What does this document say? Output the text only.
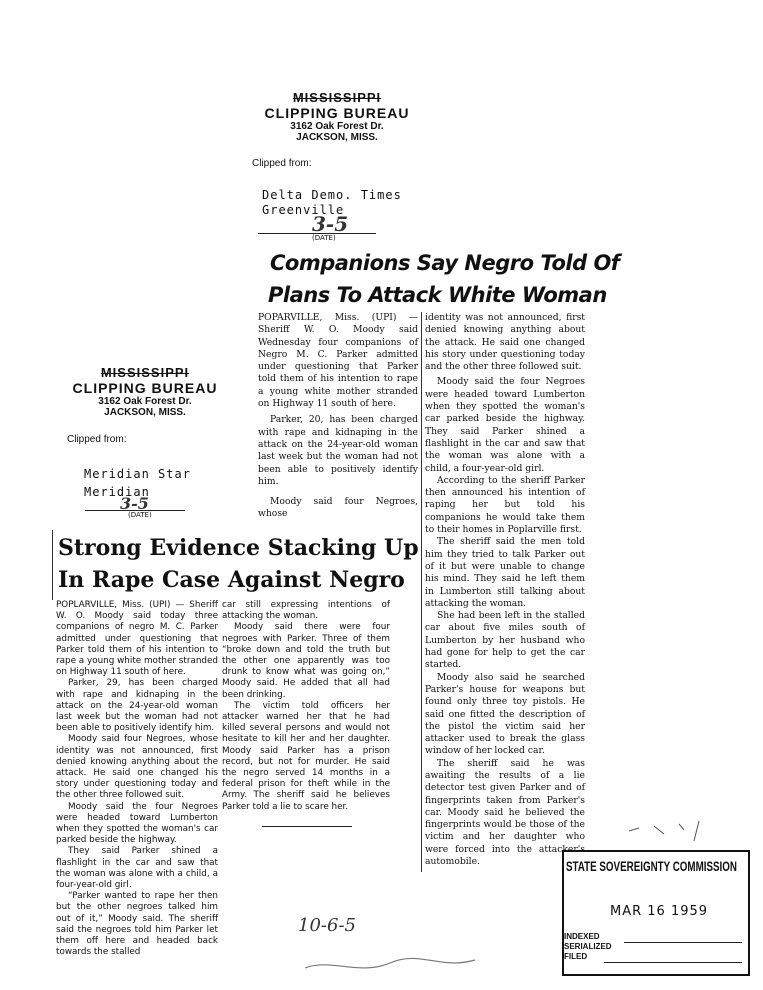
MISSISSIPPI
CLIPPING BUREAU
3162 Oak Forest Dr.
JACKSON, MISS.
Clipped from:
Delta Demo. Times
Greenville
3-5
(DATE)
Companions Say Negro Told Of
Plans To Attack White Woman

POPARVILLE, Miss. (UPI) — Sheriff W. O. Moody said Wednesday four companions of Negro M. C. Parker admitted under questioning that Parker told them of his intention to rape a young white mother stranded on Highway 11 south of here.

Parker, 20, has been charged with rape and kidnaping in the attack on the 24-year-old woman last week but the woman had not been able to positively identify him.

Moody said four Negroes, whose

identity was not announced, first denied knowing anything about the attack. He said one changed his story under questioning today and the other three followed suit.

Moody said the four Negroes were headed toward Lumberton when they spotted the woman's car parked beside the highway. They said Parker shined a flashlight in the car and saw that the woman was alone with a child, a four-year-old girl.

According to the sheriff Parker then announced his intention of raping her but told his companions he would take them to their homes in Poplarville first.

The sheriff said the men told him they tried to talk Parker out of it but were unable to change his mind. They said he left them in Lumberton still talking about attacking the woman.

She had been left in the stalled car about five miles south of Lumberton by her husband who had gone for help to get the car started.

Moody also said he searched Parker's house for weapons but found only three toy pistols. He said one fitted the description of the pistol the victim said her attacker used to break the glass window of her locked car.

The sheriff said he was awaiting the results of a lie detector test given Parker and of fingerprints taken from Parker's car. Moody said he believed the fingerprints would be those of the victim and her daughter who were forced into the attacker's automobile.

MISSISSIPPI
CLIPPING BUREAU
3162 Oak Forest Dr.
JACKSON, MISS.
Clipped from:
Meridian Star
Meridian
3-5
(DATE)
Strong Evidence Stacking Up
In Rape Case Against Negro

POPLARVILLE, Miss. (UPI) — Sheriff W. O. Moody said today three companions of negro M. C. Parker admitted under questioning that Parker told them of his intention to rape a young white mother stranded on Highway 11 south of here.

Parker, 29, has been charged with rape and kidnaping in the attack on the 24-year-old woman last week but the woman had not been able to positively identify him.

Moody said four Negroes, whose identity was not announced, first denied knowing anything about the attack. He said one changed his story under questioning today and the other three followed suit.

Moody said the four Negroes were headed toward Lumberton when they spotted the woman's car parked beside the highway.

They said Parker shined a flashlight in the car and saw that the woman was alone with a child, a four-year-old girl.

“Parker wanted to rape her then but the other negroes talked him out of it,” Moody said. The sheriff said the negroes told him Parker let them off here and headed back towards the stalled

car still expressing intentions of attacking the woman.

Moody said there were four negroes with Parker. Three of them “broke down and told the truth but the other one apparently was too drunk to know what was going on,” Moody said. He added that all had been drinking.

The victim told officers her attacker warned her that he had killed several persons and would not hesitate to kill her and her daughter. Moody said Parker has a prison record, but not for murder. He said the negro served 14 months in a federal prison for theft while in the Army. The sheriff said he believes Parker told a lie to scare her.

STATE SOVEREIGNTY COMMISSION
MAR 16 1959
INDEXED
SERIALIZED
FILED
10-6-5
